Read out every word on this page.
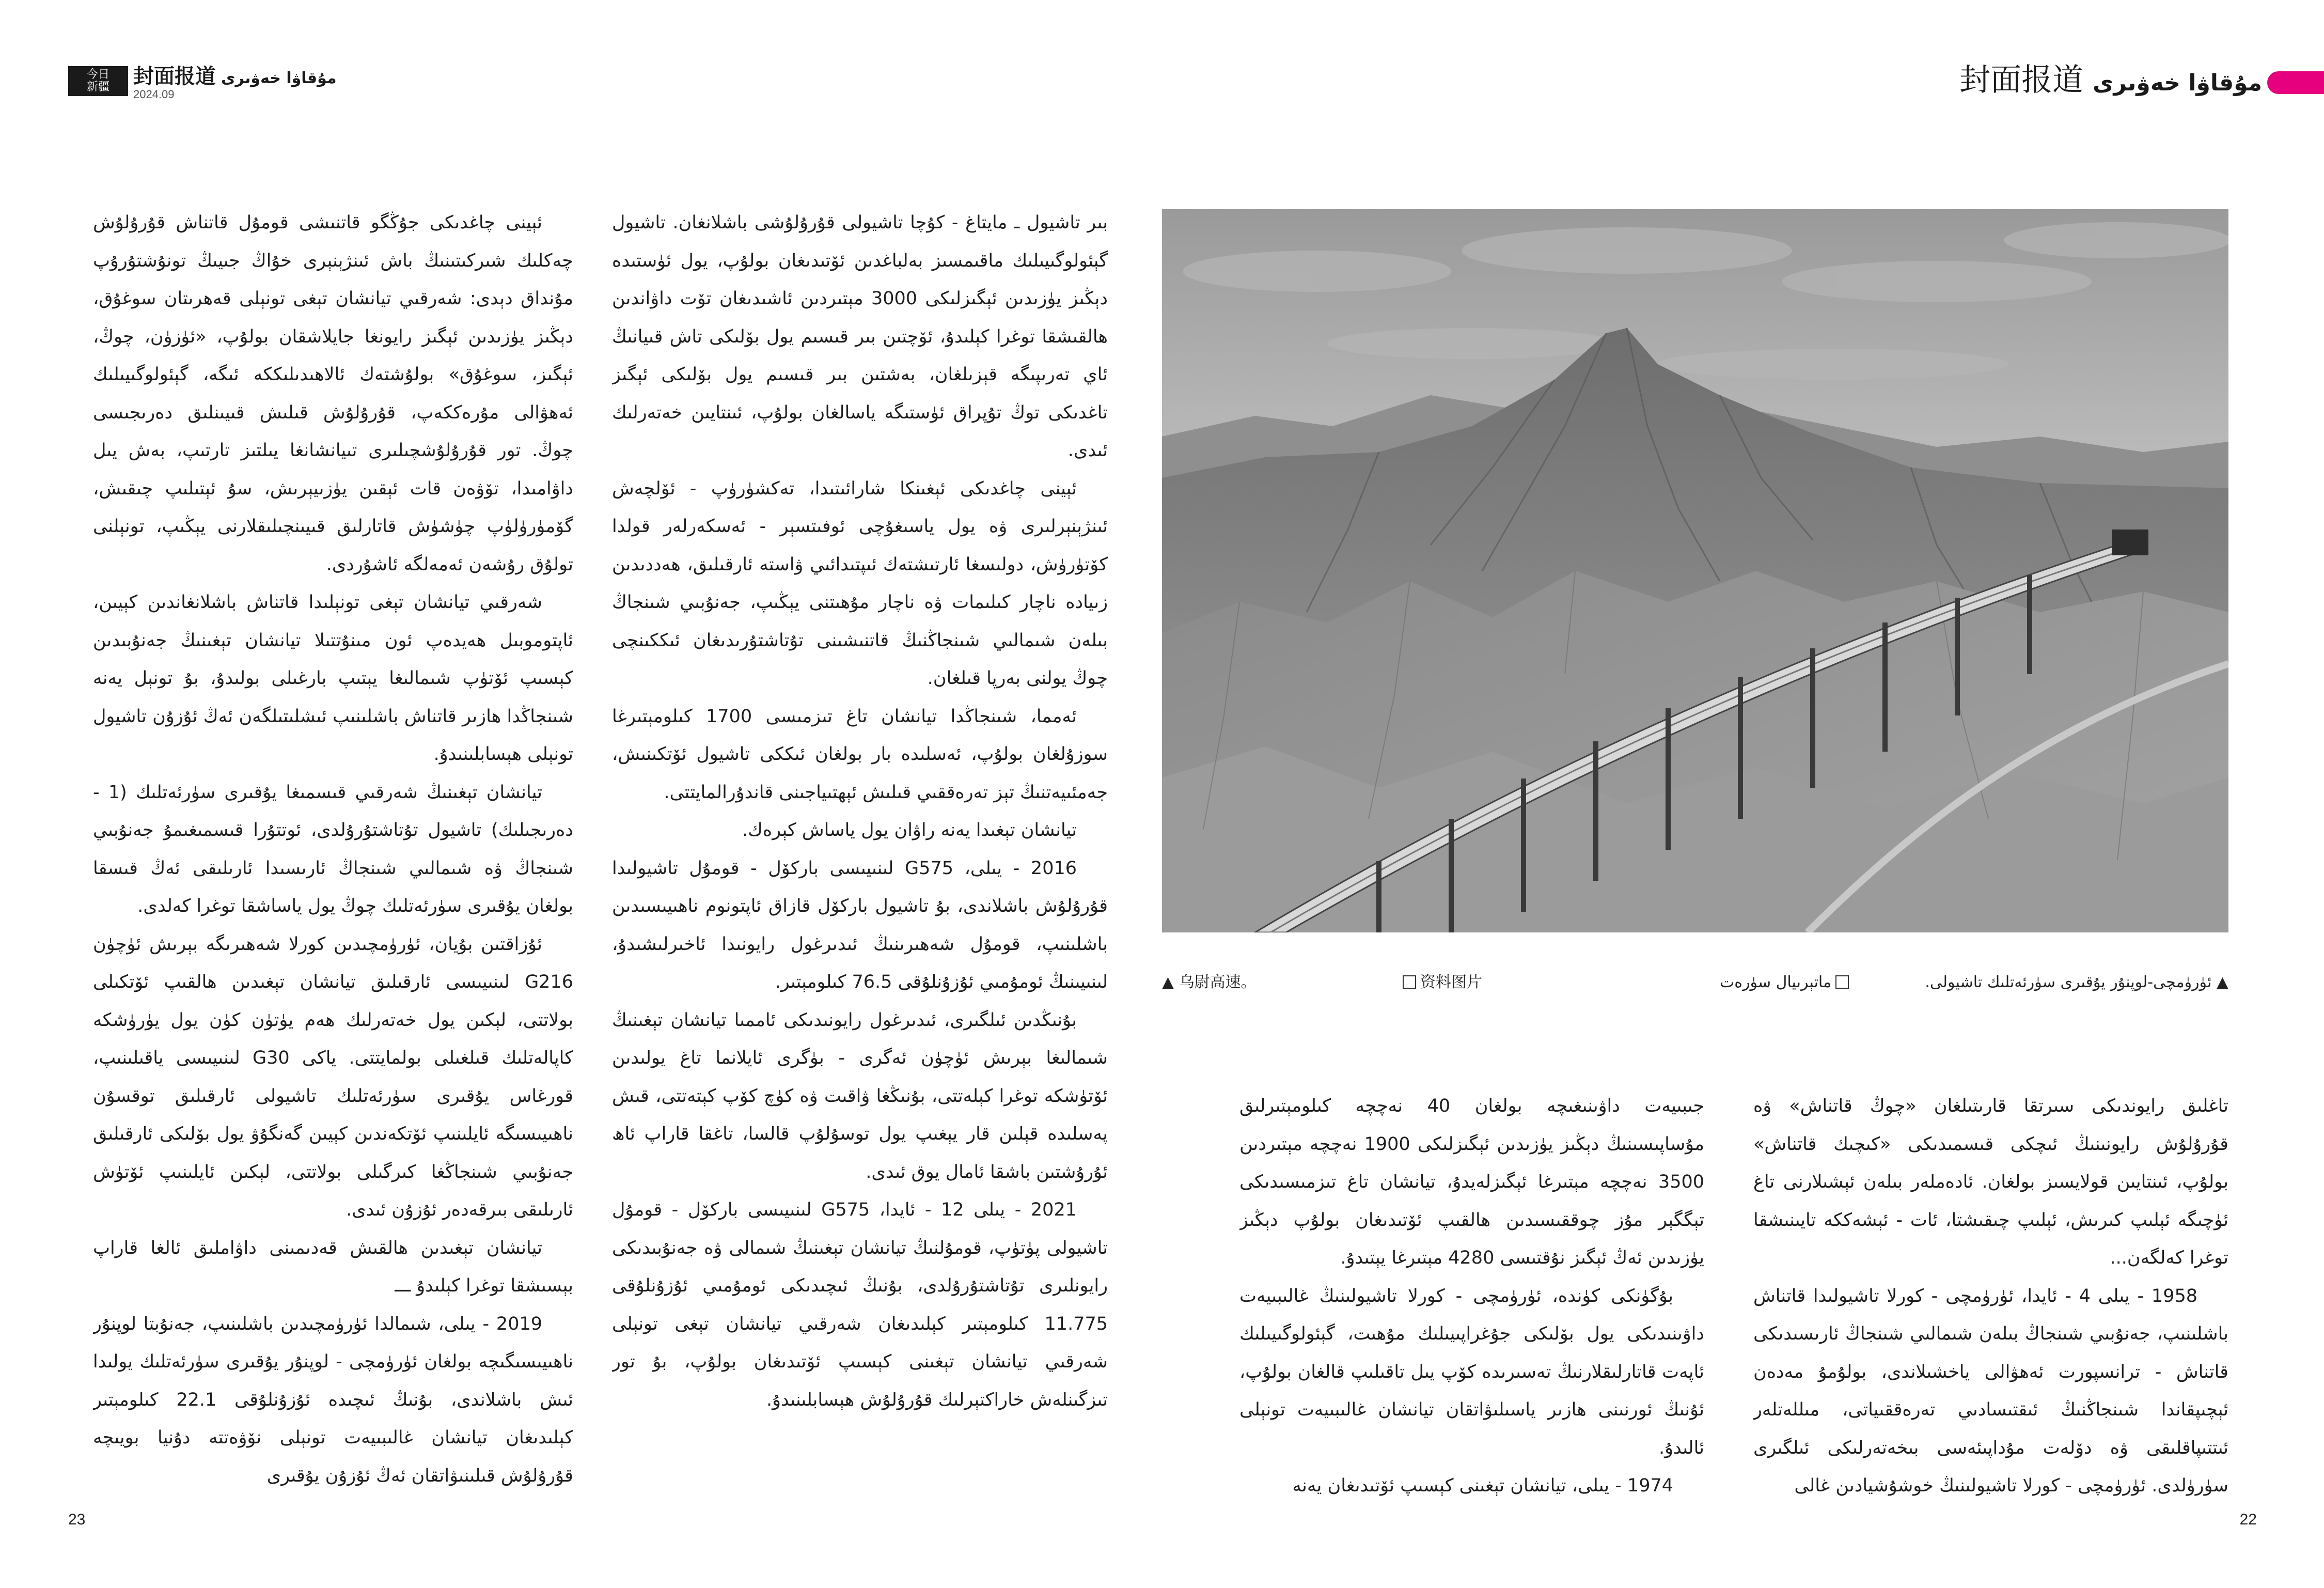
今日
新疆 封面报道 مۇقاۋا خەۋىرى
2024.09	مۇقاۋا خەۋىرى封面报道

ئېينى چاغدىكى جۇڭگو قاتنىشى قومۇل قاتناش قۇرۇلۇش چەكلىك شىركىتىنىڭ باش ئىنژېنېرى خۇاڭ جىيىڭ تونۇشتۇرۇپ مۇنداق دېدى: شەرقىي تيانشان تېغى تونېلى قەھرىتان سوغۇق، دېڭىز يۈزىدىن ئېگىز رايونغا جايلاشقان بولۇپ، «ئۈزۈن، چوڭ، ئېگىز، سوغۇق» بولۇشتەك ئالاھىدىلىككە ئىگە، گېئولوگىيىلىك ئەھۋالى مۇرەككەپ، قۇرۇلۇش قىلىش قىيىنلىق دەرىجىسى چوڭ. تور قۇرۇلۇشچىلىرى تىيانشانغا يىلتىز تارتىپ، بەش يىل داۋامىدا، تۆۋەن قات ئېقىن يۈزىيېرىش، سۇ ئېتىلىپ چىقىش، گۆمۈرۈلۈپ چۈشۈش قاتارلىق قىيىنچىلىقلارنى يېڭىپ، تونېلنى تولۇق رۇشەن ئەمەلگە ئاشۇردى.

شەرقىي تيانشان تېغى تونېلىدا قاتناش باشلانغاندىن كېيىن، ئاپتوموبىل ھەيدەپ ئون مىنۇتتىلا تيانشان تېغىنىڭ جەنۇبىدىن كېسىپ ئۆتۈپ شىمالىغا يېتىپ بارغىلى بولىدۇ، بۇ تونېل يەنە شىنجاڭدا ھازىر قاتناش باشلىنىپ ئىشلىتىلگەن ئەڭ ئۇزۇن تاشيول تونېلى ھېسابلىنىدۇ.

تيانشان تېغىنىڭ شەرقىي قىسمىغا يۇقىرى سۈرئەتلىك (1 - دەرىجىلىك) تاشيول تۇتاشتۇرۇلدى، ئوتتۇرا قىسمىغىمۇ جەنۇبىي شىنجاڭ ۋە شىمالىي شىنجاڭ ئارىسىدا ئارىلىقى ئەڭ قىسقا بولغان يۇقىرى سۈرئەتلىك چوڭ يول ياساشقا توغرا كەلدى.

ئۇزاقتىن بۇيان، ئۈرۈمچىدىن كورلا شەھىرىگە بېرىش ئۈچۈن G216 لىنىيىسى ئارقىلىق تيانشان تېغىدىن ھالقىپ ئۆتكىلى بولاتتى، لېكىن يول خەتەرلىك ھەم يۈتۈن كۈن يول يۈرۈشكە كاپالەتلىك قىلغىلى بولمايتتى. ياكى G30 لىنىيىسى ياقىلىنىپ، قورغاس يۇقىرى سۈرئەتلىك تاشيولى ئارقىلىق توقسۇن ناھىيىسىگە ئايلىنىپ ئۆتكەندىن كېيىن گەنگۇۋ يول بۆلىكى ئارقىلىق جەنۇبىي شىنجاڭغا كىرگىلى بولاتتى، لېكىن ئايلىنىپ ئۆتۈش ئارىلىقى بىرقەدەر ئۇزۇن ئىدى.

تيانشان تېغىدىن ھالقىش قەدىمىنى داۋاملىق ئالغا قاراپ بېسىشقا توغرا كېلىدۇ ـــ

2019 - يىلى، شىمالدا ئۈرۈمچىدىن باشلىنىپ، جەنۇبتا لوپنۇر ناھىيىسىگىچە بولغان ئۈرۈمچى - لوپنۇر يۇقىرى سۈرئەتلىك يولىدا ئىش باشلاندى، بۇنىڭ ئىچىدە ئۇزۇنلۇقى 22.1 كىلومېتىر كېلىدىغان تيانشان غالىبىيەت تونېلى نۆۋەتتە دۇنيا بويىچە قۇرۇلۇش قىلىنىۋاتقان ئەڭ ئۇزۇن يۇقىرى

بىر تاشيول ـ مايتاغ - كۇچا تاشيولى قۇرۇلۇشى باشلانغان. تاشيول گېئولوگىيىلىك ماقىمسىز بەلباغدىن ئۆتىدىغان بولۇپ، يول ئۈستىدە دېڭىز يۈزىدىن ئېگىزلىكى 3000 مېتىردىن ئاشىدىغان تۆت داۋاندىن ھالقىشقا توغرا كېلىدۇ، ئۆچتىن بىر قىسىم يول بۆلىكى تاش قىيانىڭ ئاي تەرىپىگە قېزىلغان، بەشتىن بىر قىسىم يول بۆلىكى ئېگىز تاغدىكى توڭ تۇپراق ئۈستىگە ياسالغان بولۇپ، ئىنتايىن خەتەرلىك ئىدى.

ئېينى چاغدىكى ئېغىنكا شارائىتىدا، تەكشۈرۈپ - ئۆلچەش ئىنژېنېرلىرى ۋە يول ياسىغۇچى ئوفىتسېر - ئەسكەرلەر قولدا كۆتۈرۈش، دولىسغا ئارتىشتەك ئىپتىدائىي ۋاستە ئارقىلىق، ھەددىدىن زىيادە ناچار كىلىمات ۋە ناچار مۇھىتنى يېڭىپ، جەنۇبىي شىنجاڭ بىلەن شىمالىي شىنجاڭنىڭ قاتنىشىنى تۇتاشتۇرىدىغان ئىككىنچى چوڭ يولنى بەرپا قىلغان.

ئەمما، شىنجاڭدا تيانشان تاغ تىزمىسى 1700 كىلومېتىرغا سوزۇلغان بولۇپ، ئەسلىدە بار بولغان ئىككى تاشيول ئۆتكىنىش، جەمئىيەتنىڭ تېز تەرەققىي قىلىش ئېھتىياجىنى قاندۇرالمايتتى.

تيانشان تېغىدا يەنە راۋان يول ياساش كېرەك.

2016 - يىلى، G575 لىنىيىسى باركۆل - قومۇل تاشيولىدا قۇرۇلۇش باشلاندى، بۇ تاشيول باركۆل قازاق ئاپتونوم ناھىيىسىدىن باشلىنىپ، قومۇل شەھىرىنىڭ ئىدىرغول رايونىدا ئاخىرلىشىدۇ، لىنىيىنىڭ ئومۇمىي ئۇزۇنلۇقى 76.5 كىلومېتىر.

بۇنىڭدىن ئىلگىرى، ئىدىرغول رايونىدىكى ئاممىا تيانشان تېغىنىڭ شىمالىغا بېرىش ئۈچۈن ئەگرى - بۈگرى ئايلانما تاغ يولىدىن ئۆتۈشكە توغرا كېلەتتى، بۇنىڭغا ۋاقىت ۋە كۈچ كۆپ كېتەتتى، قىش پەسلىدە قېلىن قار يېغىپ يول توسۇلۇپ قالسا، تاغقا قاراپ ئاھ ئۇرۇشتىن باشقا ئامال يوق ئىدى.

2021 - يىلى 12 - ئايدا، G575 لىنىيىسى باركۆل - قومۇل تاشيولى پۈتۈپ، قومۇلنىڭ تيانشان تېغىنىڭ شىمالى ۋە جەنۇبىدىكى رايونلىرى تۇتاشتۇرۇلدى، بۇنىڭ ئىچىدىكى ئومۇمىي ئۇزۇنلۇقى 11.775 كىلومېتىر كېلىدىغان شەرقىي تيانشان تېغى تونېلى شەرقىي تيانشان تېغىنى كېسىپ ئۆتىدىغان بولۇپ، بۇ تور تىزگىنلەش خاراكتېرلىك قۇرۇلۇش ھېسابلىنىدۇ.

▲ 乌尉高速。	资料图片	ماتېرىيال سۈرەت	▲ ئۈرۈمچى-لوپنۇر يۇقىرى سۈرئەتلىك تاشيولى.

جىبىيەت داۋىنىغىچە بولغان 40 نەچچە كىلومېتىرلىق مۇساپىسىنىڭ دېڭىز يۈزىدىن ئېگىزلىكى 1900 نەچچە مېتىردىن 3500 نەچچە مېتىرغا ئېگىزلەيدۇ، تيانشان تاغ تىزمىسىدىكى تېگگېر مۇز چوققىسىدىن ھالقىپ ئۆتىدىغان بولۇپ دېڭىز يۈزىدىن ئەڭ ئېگىز نۇقتىسى 4280 مېتىرغا يېتىدۇ.

بۇگۈنكى كۈندە، ئۈرۈمچى - كورلا تاشيولىنىڭ غالىبىيەت داۋىنىدىكى يول بۆلىكى جۇغراپىيىلىك مۇھىت، گېئولوگىيىلىك ئاپەت قاتارلىقلارنىڭ تەسىرىدە كۆپ يىل تاقىلىپ قالغان بولۇپ، ئۇنىڭ ئورنىنى ھازىر ياسىلىۋاتقان تيانشان غالىبىيەت تونېلى ئالىدۇ.

1974 - يىلى، تيانشان تېغىنى كېسىپ ئۆتىدىغان يەنە

تاغلىق رايوندىكى سىرتقا قارىتىلغان «چوڭ قاتناش» ۋە قۇرۇلۇش رايونىنىڭ ئىچكى قىسمىدىكى «كىچىك قاتناش» بولۇپ، ئىنتايىن قولايسىز بولغان. ئادەملەر بىلەن ئېشىلارنى تاغ ئۈچىگە ئېلىپ كىرىش، ئېلىپ چىقىشتا، ئات - ئېشەككە تايىنىشقا توغرا كەلگەن...

1958 - يىلى 4 - ئايدا، ئۈرۈمچى - كورلا تاشيولىدا قاتناش باشلىنىپ، جەنۇبىي شىنجاڭ بىلەن شىمالىي شىنجاڭ ئارىسىدىكى قاتناش - ترانسپورت ئەھۋالى ياخشىلاندى، بولۇمۇ مەدەن ئېچىپقاندا شىنجاڭنىڭ ئىقتىسادىي تەرەققىياتى، مىللەتلەر ئىتتىپاقلىقى ۋە دۆلەت مۇداپىئەسى بىخەتەرلىكى ئىلگىرى سۈرۈلدى. ئۈرۈمچى - كورلا تاشيولىنىڭ خوشۇشيادىن غالى

23	22
